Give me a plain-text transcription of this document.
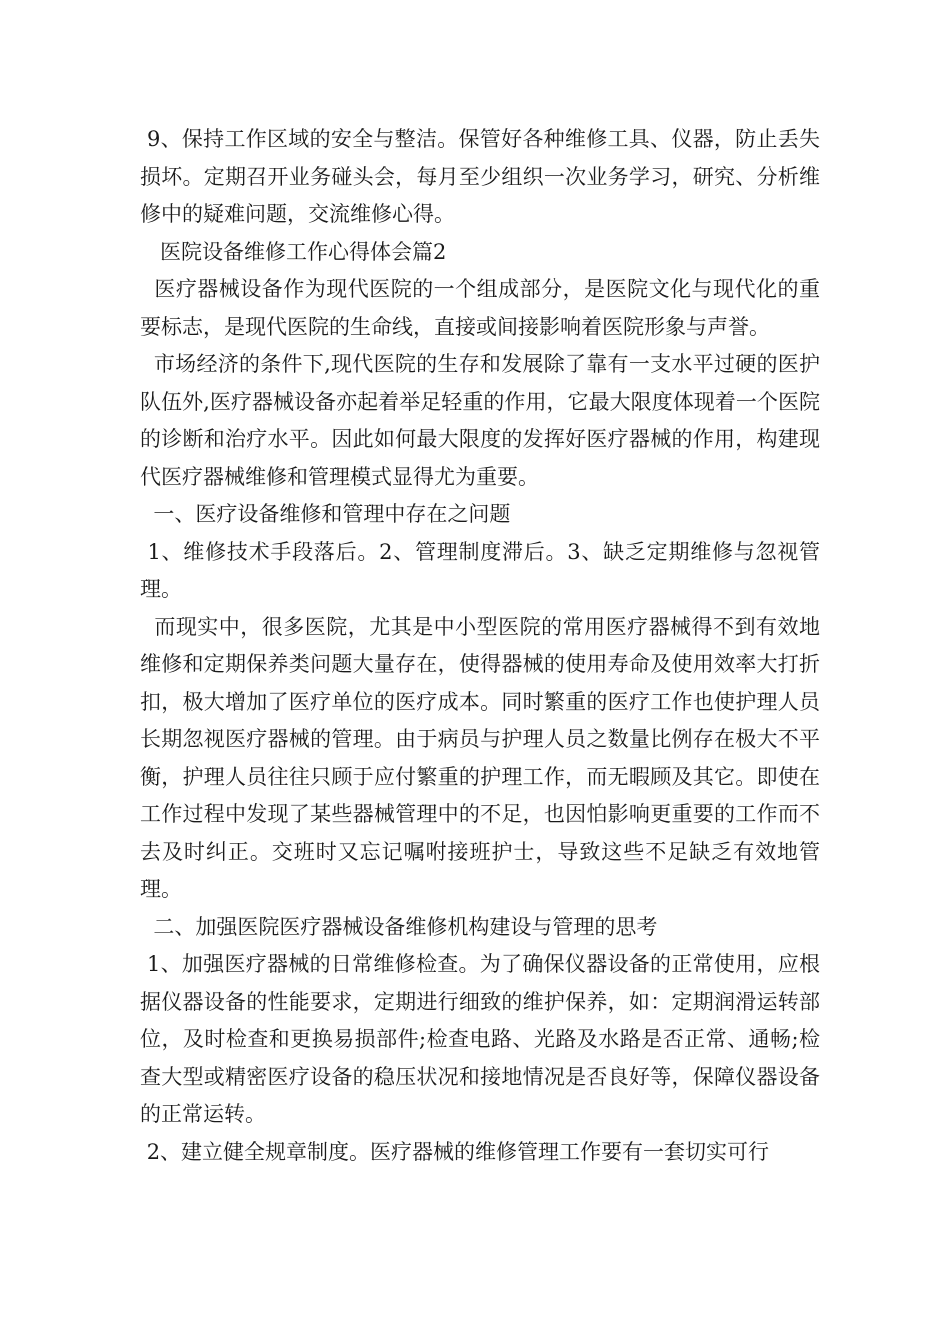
9、保持工作区域的安全与整洁。保管好各种维修工具、仪器，防止丢失损坏。定期召开业务碰头会，每月至少组织一次业务学习，研究、分析维修中的疑难问题，交流维修心得。

医院设备维修工作心得体会篇2

医疗器械设备作为现代医院的一个组成部分，是医院文化与现代化的重要标志，是现代医院的生命线，直接或间接影响着医院形象与声誉。

市场经济的条件下,现代医院的生存和发展除了靠有一支水平过硬的医护队伍外,医疗器械设备亦起着举足轻重的作用，它最大限度体现着一个医院的诊断和治疗水平。因此如何最大限度的发挥好医疗器械的作用，构建现代医疗器械维修和管理模式显得尤为重要。

一、医疗设备维修和管理中存在之问题

1、维修技术手段落后。2、管理制度滞后。3、缺乏定期维修与忽视管理。

而现实中，很多医院，尤其是中小型医院的常用医疗器械得不到有效地维修和定期保养类问题大量存在，使得器械的使用寿命及使用效率大打折扣，极大增加了医疗单位的医疗成本。同时繁重的医疗工作也使护理人员长期忽视医疗器械的管理。由于病员与护理人员之数量比例存在极大不平衡，护理人员往往只顾于应付繁重的护理工作，而无暇顾及其它。即使在工作过程中发现了某些器械管理中的不足，也因怕影响更重要的工作而不去及时纠正。交班时又忘记嘱咐接班护士，导致这些不足缺乏有效地管理。

二、加强医院医疗器械设备维修机构建设与管理的思考

1、加强医疗器械的日常维修检查。为了确保仪器设备的正常使用，应根据仪器设备的性能要求，定期进行细致的维护保养，如：定期润滑运转部位，及时检查和更换易损部件;检查电路、光路及水路是否正常、通畅;检查大型或精密医疗设备的稳压状况和接地情况是否良好等，保障仪器设备的正常运转。

2、建立健全规章制度。医疗器械的维修管理工作要有一套切实可行
